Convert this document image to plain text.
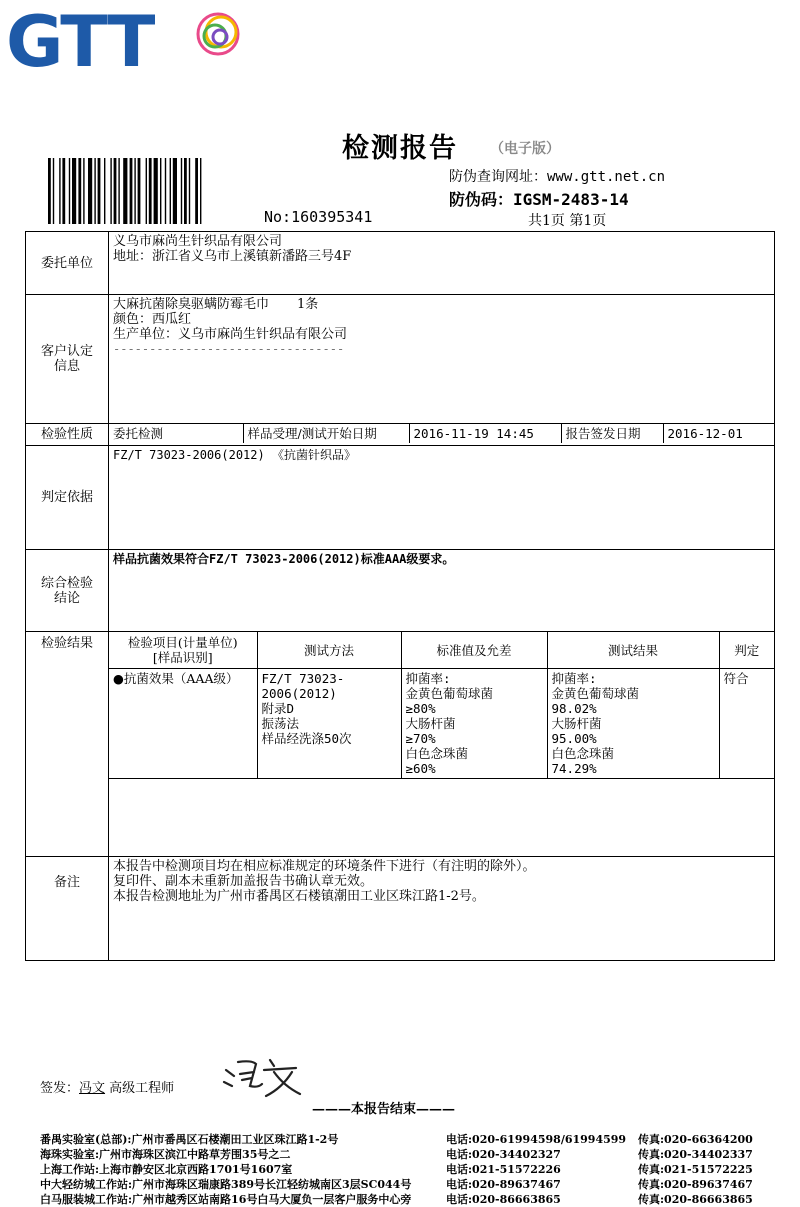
GTT
检测报告	（电子版）
防伪查询网址：www.gtt.net.cn
防伪码：IGSM-2483-14
No:160395341	共1页 第1页
委托单位	
义乌市麻尚生针织品有限公司
地址：浙江省义乌市上溪镇新潘路三号4F

客户认定
信息

大麻抗菌除臭驱螨防霉毛巾 1条
颜色：西瓜红
生产单位：义乌市麻尚生针织品有限公司
--------------------------------

检验性质	委托检测	样品受理/测试开始日期	2016-11-19 14:45	报告签发日期	2016-12-01

判定依据	FZ/T 73023-2006(2012) 《抗菌针织品》

综合检验
结论
	样品抗菌效果符合FZ/T 73023-2006(2012)标准AAA级要求。
检验结果		检验项目(计量单位)
[样品识别]	测试方法	标准值及允差	测试结果	判定
●抗菌效果（AAA级）	FZ/T 73023-
2006(2012)
附录D
振荡法
样品经洗涤50次	抑菌率:
金黄色葡萄球菌
≥80%
大肠杆菌
≥70%
白色念珠菌
≥60%	抑菌率:
金黄色葡萄球菌
98.02%
大肠杆菌
95.00%
白色念珠菌
74.29%	符合

备注	
本报告中检测项目均在相应标准规定的环境条件下进行（有注明的除外）。
复印件、副本未重新加盖报告书确认章无效。
本报告检测地址为广州市番禺区石楼镇潮田工业区珠江路1-2号。
签发：冯文 高级工程师
———本报告结束———
番禺实验室(总部):广州市番禺区石楼潮田工业区珠江路1-2号	电话:020-61994598/61994599	传真:020-66364200
海珠实验室:广州市海珠区滨江中路草芳围35号之二	电话:020-34402327	传真:020-34402337
上海工作站:上海市静安区北京西路1701号1607室	电话:021-51572226	传真:021-51572225
中大轻纺城工作站:广州市海珠区瑞康路389号长江轻纺城南区3层SC044号	电话:020-89637467	传真:020-89637467
白马服装城工作站:广州市越秀区站南路16号白马大厦负一层客户服务中心旁	电话:020-86663865	传真:020-86663865
